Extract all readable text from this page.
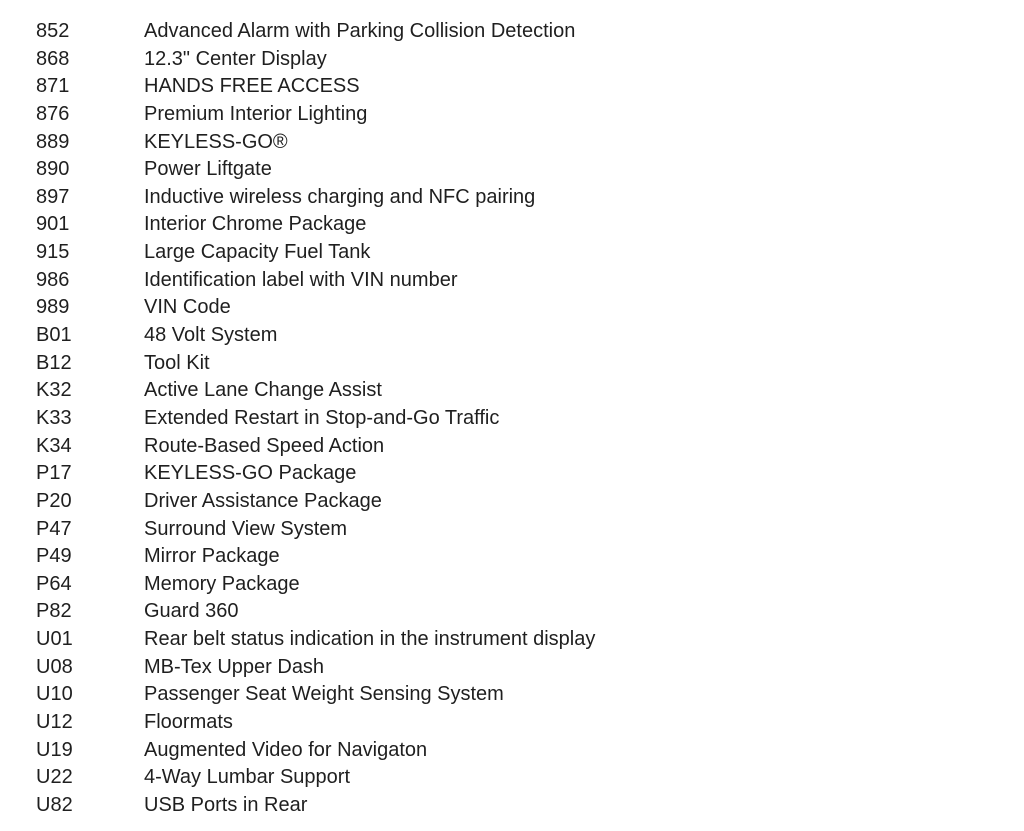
852	Advanced Alarm with Parking Collision Detection
868	12.3" Center Display
871	HANDS FREE ACCESS
876	Premium Interior Lighting
889	KEYLESS-GO®
890	Power Liftgate
897	Inductive wireless charging and NFC pairing
901	Interior Chrome Package
915	Large Capacity Fuel Tank
986	Identification label with VIN number
989	VIN Code
B01	48 Volt System
B12	Tool Kit
K32	Active Lane Change Assist
K33	Extended Restart in Stop-and-Go Traffic
K34	Route-Based Speed Action
P17	KEYLESS-GO Package
P20	Driver Assistance Package
P47	Surround View System
P49	Mirror Package
P64	Memory Package
P82	Guard 360
U01	Rear belt status indication in the instrument display
U08	MB-Tex Upper Dash
U10	Passenger Seat Weight Sensing System
U12	Floormats
U19	Augmented Video for Navigaton
U22	4-Way Lumbar Support
U82	USB Ports in Rear
